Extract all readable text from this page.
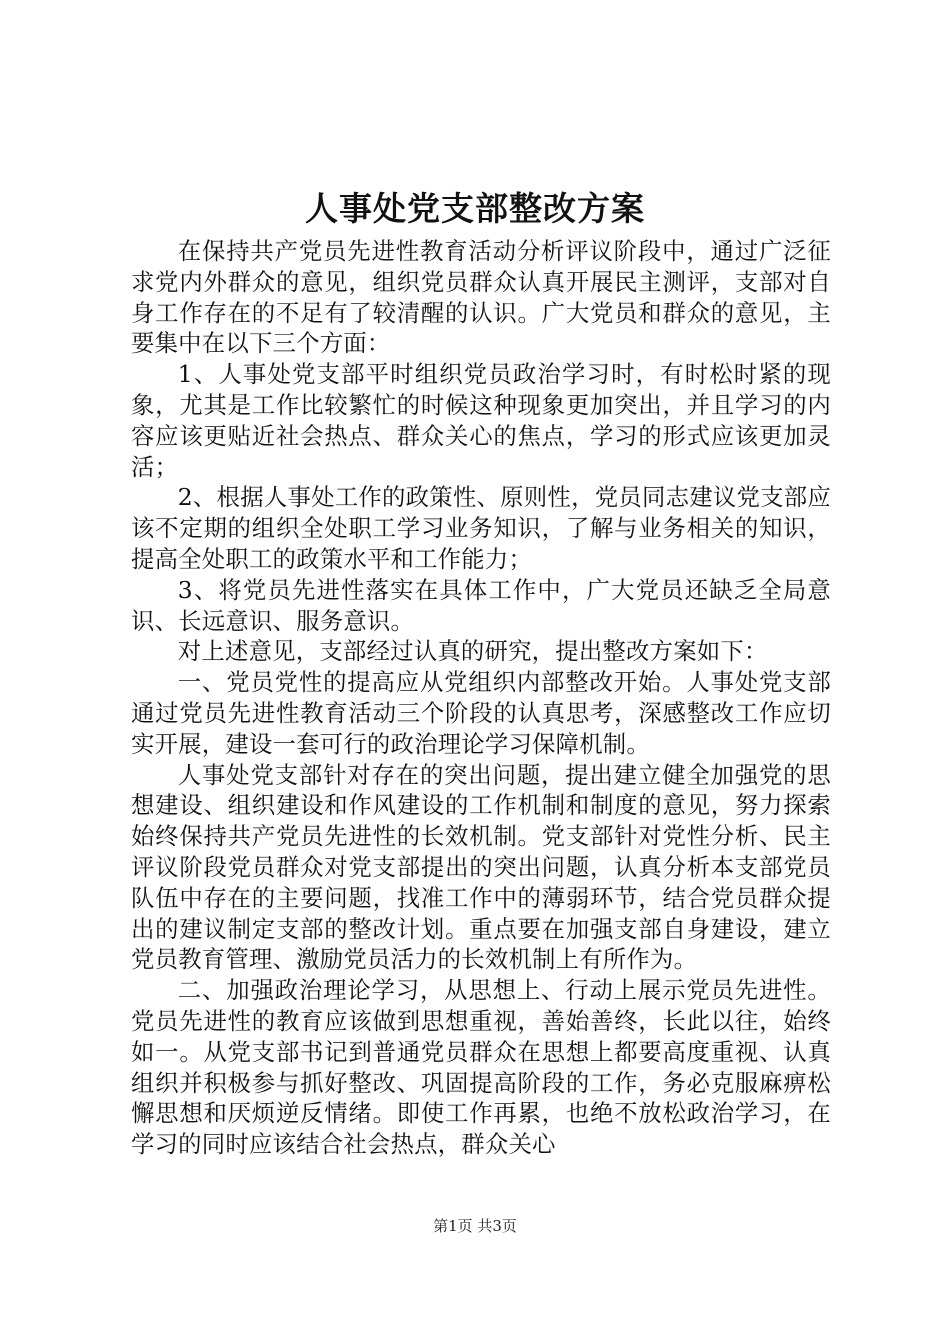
人事处党支部整改方案

在保持共产党员先进性教育活动分析评议阶段中，通过广泛征求党内外群众的意见，组织党员群众认真开展民主测评，支部对自身工作存在的不足有了较清醒的认识。广大党员和群众的意见，主要集中在以下三个方面：

1、人事处党支部平时组织党员政治学习时，有时松时紧的现象，尤其是工作比较繁忙的时候这种现象更加突出，并且学习的内容应该更贴近社会热点、群众关心的焦点，学习的形式应该更加灵活；

2、根据人事处工作的政策性、原则性，党员同志建议党支部应该不定期的组织全处职工学习业务知识，了解与业务相关的知识，提高全处职工的政策水平和工作能力；

3、将党员先进性落实在具体工作中，广大党员还缺乏全局意识、长远意识、服务意识。

对上述意见，支部经过认真的研究，提出整改方案如下：

一、党员党性的提高应从党组织内部整改开始。人事处党支部通过党员先进性教育活动三个阶段的认真思考，深感整改工作应切实开展，建设一套可行的政治理论学习保障机制。

人事处党支部针对存在的突出问题，提出建立健全加强党的思想建设、组织建设和作风建设的工作机制和制度的意见，努力探索始终保持共产党员先进性的长效机制。党支部针对党性分析、民主评议阶段党员群众对党支部提出的突出问题，认真分析本支部党员队伍中存在的主要问题，找准工作中的薄弱环节，结合党员群众提出的建议制定支部的整改计划。重点要在加强支部自身建设，建立党员教育管理、激励党员活力的长效机制上有所作为。

二、加强政治理论学习，从思想上、行动上展示党员先进性。党员先进性的教育应该做到思想重视，善始善终，长此以往，始终如一。从党支部书记到普通党员群众在思想上都要高度重视、认真组织并积极参与抓好整改、巩固提高阶段的工作，务必克服麻痹松懈思想和厌烦逆反情绪。即使工作再累，也绝不放松政治学习，在学习的同时应该结合社会热点，群众关心

第1页 共3页
